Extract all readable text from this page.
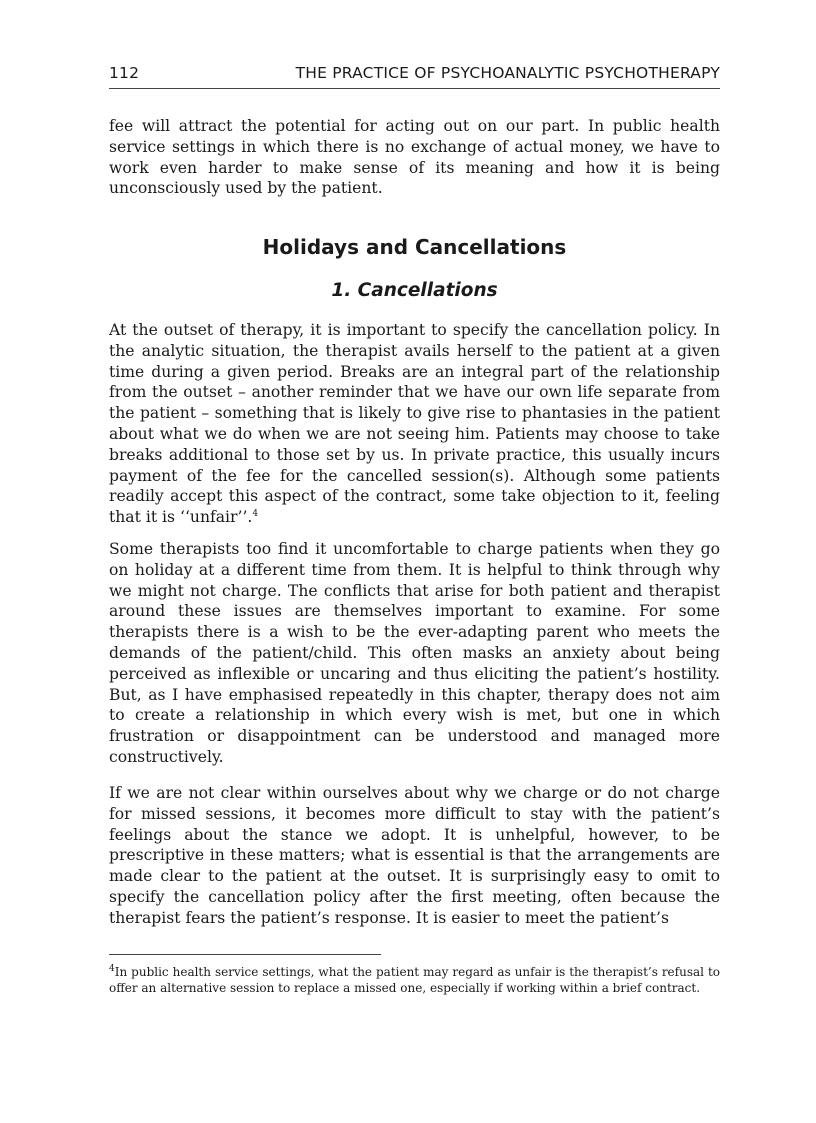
112	THE PRACTICE OF PSYCHOANALYTIC PSYCHOTHERAPY

fee will attract the potential for acting out on our part. In public health service settings in which there is no exchange of actual money, we have to work even harder to make sense of its meaning and how it is being unconsciously used by the patient.

Holidays and Cancellations
1. Cancellations

At the outset of therapy, it is important to specify the cancellation policy. In the analytic situation, the therapist avails herself to the patient at a given time during a given period. Breaks are an integral part of the relationship from the outset – another reminder that we have our own life separate from the patient – something that is likely to give rise to phantasies in the patient about what we do when we are not seeing him. Patients may choose to take breaks additional to those set by us. In private practice, this usually incurs payment of the fee for the cancelled session(s). Although some patients readily accept this aspect of the contract, some take objection to it, feeling that it is ‘‘unfair’’.$^4$

Some therapists too find it uncomfortable to charge patients when they go on holiday at a different time from them. It is helpful to think through why we might not charge. The conflicts that arise for both patient and therapist around these issues are themselves important to examine. For some therapists there is a wish to be the ever-adapting parent who meets the demands of the patient/child. This often masks an anxiety about being perceived as inflexible or uncaring and thus eliciting the patient’s hostility. But, as I have emphasised repeatedly in this chapter, therapy does not aim to create a relationship in which every wish is met, but one in which frustration or disappointment can be understood and managed more constructively.

If we are not clear within ourselves about why we charge or do not charge for missed sessions, it becomes more difficult to stay with the patient’s feelings about the stance we adopt. It is unhelpful, however, to be prescriptive in these matters; what is essential is that the arrangements are made clear to the patient at the outset. It is surprisingly easy to omit to specify the cancellation policy after the first meeting, often because the therapist fears the patient’s response. It is easier to meet the patient’s

$^4$In public health service settings, what the patient may regard as unfair is the therapist’s refusal to offer an alternative session to replace a missed one, especially if working within a brief contract.
